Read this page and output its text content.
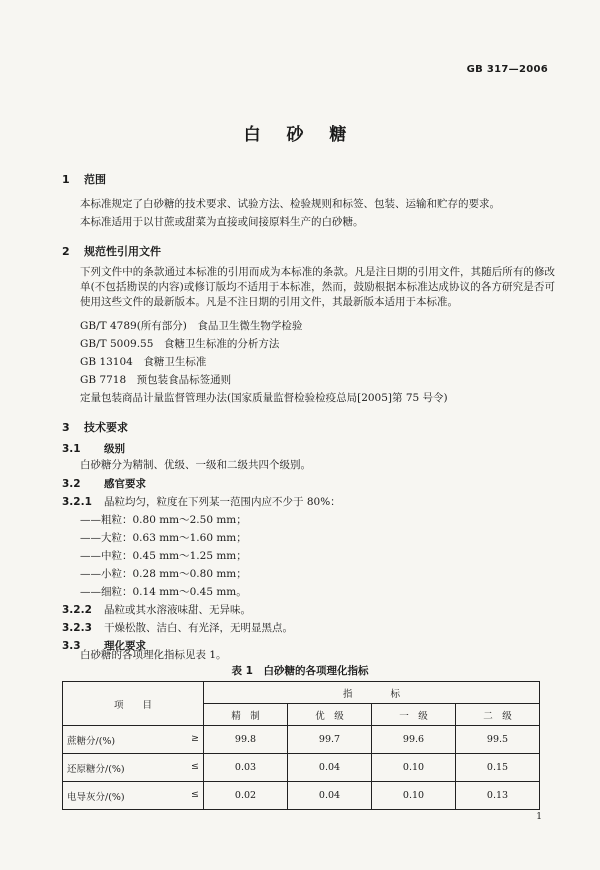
GB 317—2006
白 砂 糖
1 范围
本标准规定了白砂糖的技术要求、试验方法、检验规则和标签、包装、运输和贮存的要求。
本标准适用于以甘蔗或甜菜为直接或间接原料生产的白砂糖。
2 规范性引用文件
下列文件中的条款通过本标准的引用而成为本标准的条款。凡是注日期的引用文件，其随后所有的修改单(不包括勘误的内容)或修订版均不适用于本标准，然而，鼓励根据本标准达成协议的各方研究是否可使用这些文件的最新版本。凡是不注日期的引用文件，其最新版本适用于本标准。
GB/T 4789(所有部分)　食品卫生微生物学检验
GB/T 5009.55　食糖卫生标准的分析方法
GB 13104　食糖卫生标准
GB 7718　预包装食品标签通则
定量包装商品计量监督管理办法(国家质量监督检验检疫总局[2005]第 75 号令)
3 技术要求
3.1 级别
白砂糖分为精制、优级、一级和二级共四个级别。
3.2 感官要求
3.2.1 晶粒均匀，粒度在下列某一范围内应不少于 80%：
——粗粒：0.80 mm～2.50 mm；
——大粒：0.63 mm～1.60 mm；
——中粒：0.45 mm～1.25 mm；
——小粒：0.28 mm～0.80 mm；
——细粒：0.14 mm～0.45 mm。
3.2.2 晶粒或其水溶液味甜、无异味。
3.2.3 干燥松散、洁白、有光泽，无明显黑点。
3.3 理化要求
白砂糖的各项理化指标见表 1。
表 1　白砂糖的各项理化指标
项　　目	指　　　　标			
	精　制	优　级	一　级	二　级
蔗糖分/(%) ≥	99.8	99.7	99.6	99.5
还原糖分/(%) ≤	0.03	0.04	0.10	0.15
电导灰分/(%) ≤	0.02	0.04	0.10	0.13
1
